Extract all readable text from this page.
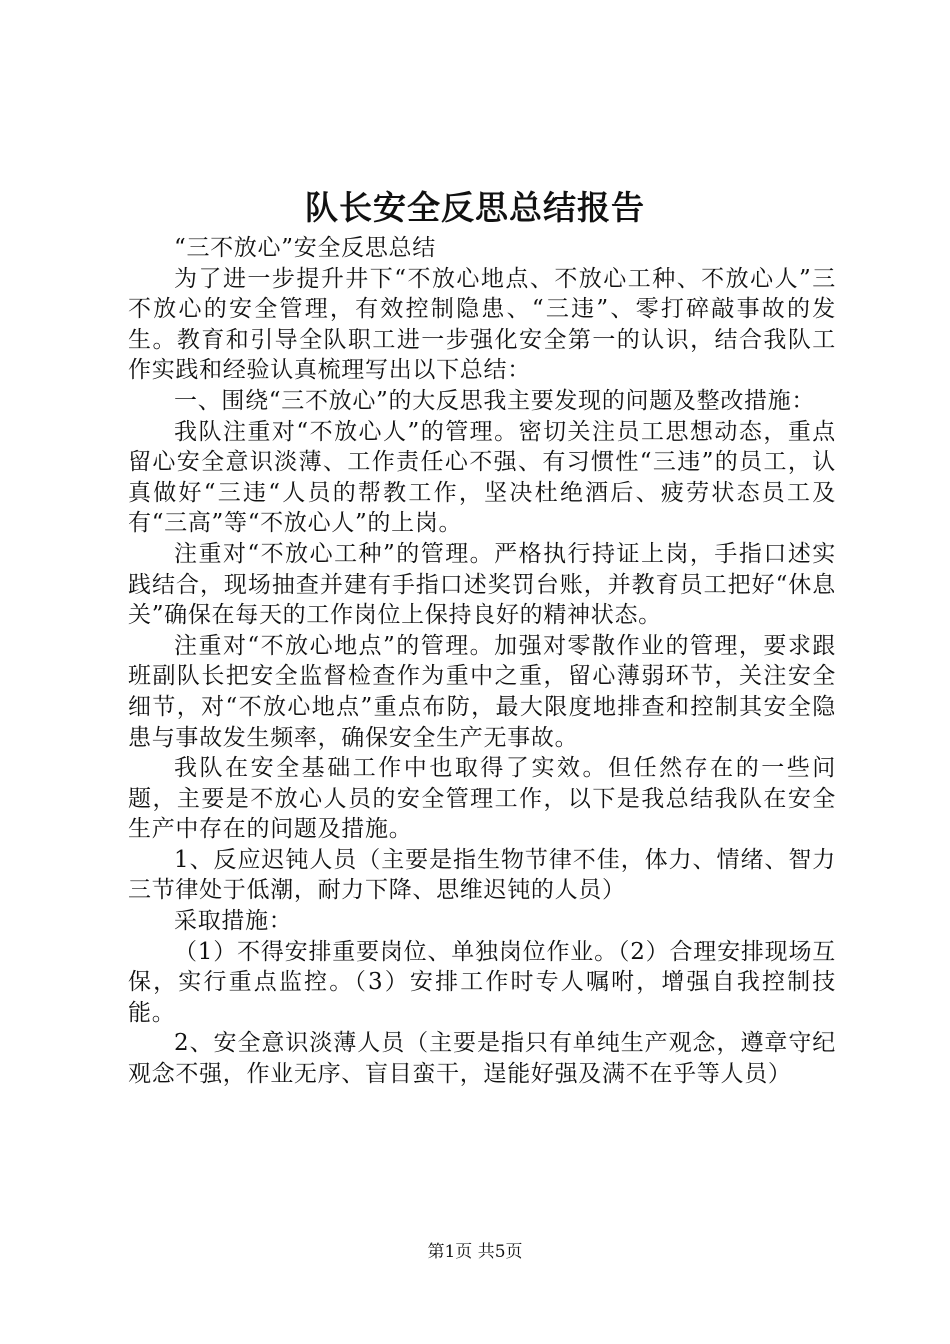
队长安全反思总结报告

“三不放心”安全反思总结

为了进一步提升井下“不放心地点、不放心工种、不放心人”三不放心的安全管理，有效控制隐患、“三违”、零打碎敲事故的发生。教育和引导全队职工进一步强化安全第一的认识，结合我队工作实践和经验认真梳理写出以下总结：

一、围绕“三不放心”的大反思我主要发现的问题及整改措施：

我队注重对“不放心人”的管理。密切关注员工思想动态，重点留心安全意识淡薄、工作责任心不强、有习惯性“三违”的员工，认真做好“三违“人员的帮教工作，坚决杜绝酒后、疲劳状态员工及有“三高”等“不放心人”的上岗。

注重对“不放心工种”的管理。严格执行持证上岗，手指口述实践结合，现场抽查并建有手指口述奖罚台账，并教育员工把好“休息关”确保在每天的工作岗位上保持良好的精神状态。

注重对“不放心地点”的管理。加强对零散作业的管理，要求跟班副队长把安全监督检查作为重中之重，留心薄弱环节，关注安全细节，对“不放心地点”重点布防，最大限度地排查和控制其安全隐患与事故发生频率，确保安全生产无事故。

我队在安全基础工作中也取得了实效。但任然存在的一些问题，主要是不放心人员的安全管理工作，以下是我总结我队在安全生产中存在的问题及措施。

1、反应迟钝人员（主要是指生物节律不佳，体力、情绪、智力三节律处于低潮，耐力下降、思维迟钝的人员）

采取措施：

（1）不得安排重要岗位、单独岗位作业。（2）合理安排现场互保，实行重点监控。（3）安排工作时专人嘱咐，增强自我控制技能。

2、安全意识淡薄人员（主要是指只有单纯生产观念，遵章守纪观念不强，作业无序、盲目蛮干，逞能好强及满不在乎等人员）

第1页 共5页
